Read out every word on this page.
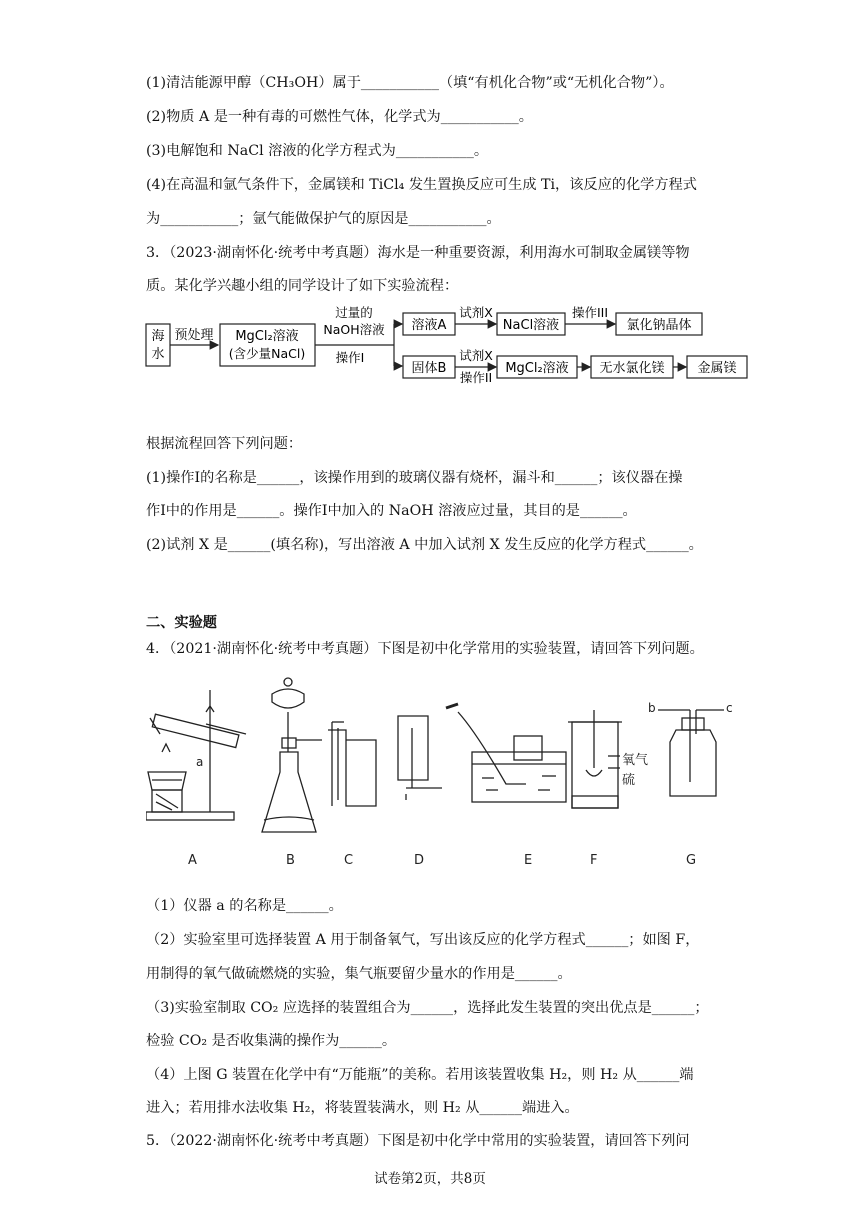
(1)清洁能源甲醇（CH₃OH）属于___________（填“有机化合物”或“无机化合物”）。
(2)物质 A 是一种有毒的可燃性气体，化学式为___________。
(3)电解饱和 NaCl 溶液的化学方程式为___________。
(4)在高温和氩气条件下，金属镁和 TiCl₄ 发生置换反应可生成 Ti，该反应的化学方程式
为___________；氩气能做保护气的原因是___________。
3．（2023·湖南怀化·统考中考真题）海水是一种重要资源，利用海水可制取金属镁等物
质。某化学兴趣小组的同学设计了如下实验流程：
海
水
预处理 MgCl₂溶液
(含少量NaCl)
过量的
NaOH溶液
操作I
溶液A
试剂X
NaCl溶液
操作III
氯化钠晶体
固体B
试剂X
操作II
MgCl₂溶液 无水氯化镁	金属镁
根据流程回答下列问题：
(1)操作I的名称是______，该操作用到的玻璃仪器有烧杯，漏斗和______；该仪器在操
作I中的作用是______。操作I中加入的 NaOH 溶液应过量，其目的是______。
(2)试剂 X 是______(填名称)，写出溶液 A 中加入试剂 X 发生反应的化学方程式______。
二、实验题
4．（2021·湖南怀化·统考中考真题）下图是初中化学常用的实验装置，请回答下列问题。
a	氧气
硫
b	c
A	B	C	D	E	F	G
（1）仪器 a 的名称是______。
（2）实验室里可选择装置 A 用于制备氧气，写出该反应的化学方程式______；如图 F，
用制得的氧气做硫燃烧的实验，集气瓶要留少量水的作用是______。
（3)实验室制取 CO₂ 应选择的装置组合为______，选择此发生装置的突出优点是______；
检验 CO₂ 是否收集满的操作为______。
（4）上图 G 装置在化学中有“万能瓶”的美称。若用该装置收集 H₂，则 H₂ 从______端
进入；若用排水法收集 H₂，将装置装满水，则 H₂ 从______端进入。
5．（2022·湖南怀化·统考中考真题）下图是初中化学中常用的实验装置，请回答下列问
试卷第2页，共8页
